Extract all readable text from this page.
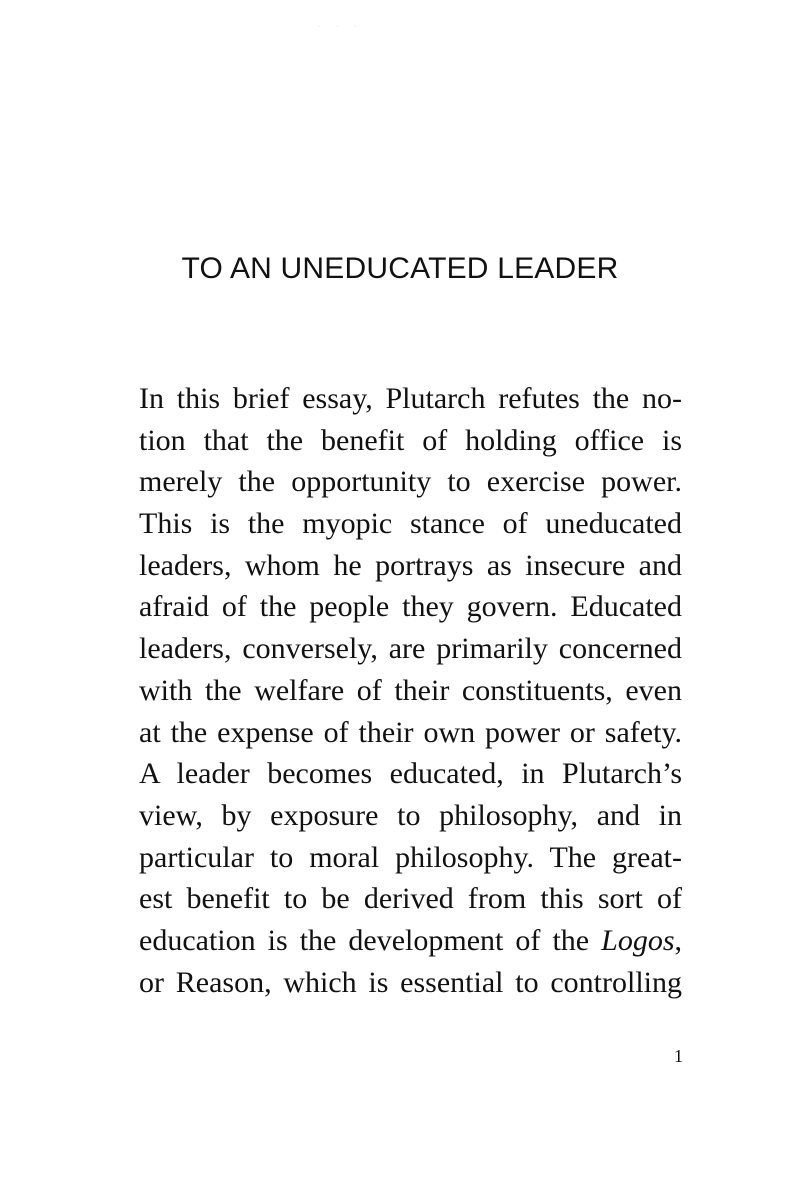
· · ·
TO AN UNEDUCATED LEADER
In this brief essay, Plutarch refutes the no-
tion that the benefit of holding office is
merely the opportunity to exercise power.
This is the myopic stance of uneducated
leaders, whom he portrays as insecure and
afraid of the people they govern. Educated
leaders, conversely, are primarily concerned
with the welfare of their constituents, even
at the expense of their own power or safety.
A leader becomes educated, in Plutarch’s
view, by exposure to philosophy, and in
particular to moral philosophy. The great-
est benefit to be derived from this sort of
education is the development of the Logos,
or Reason, which is essential to controlling
1
